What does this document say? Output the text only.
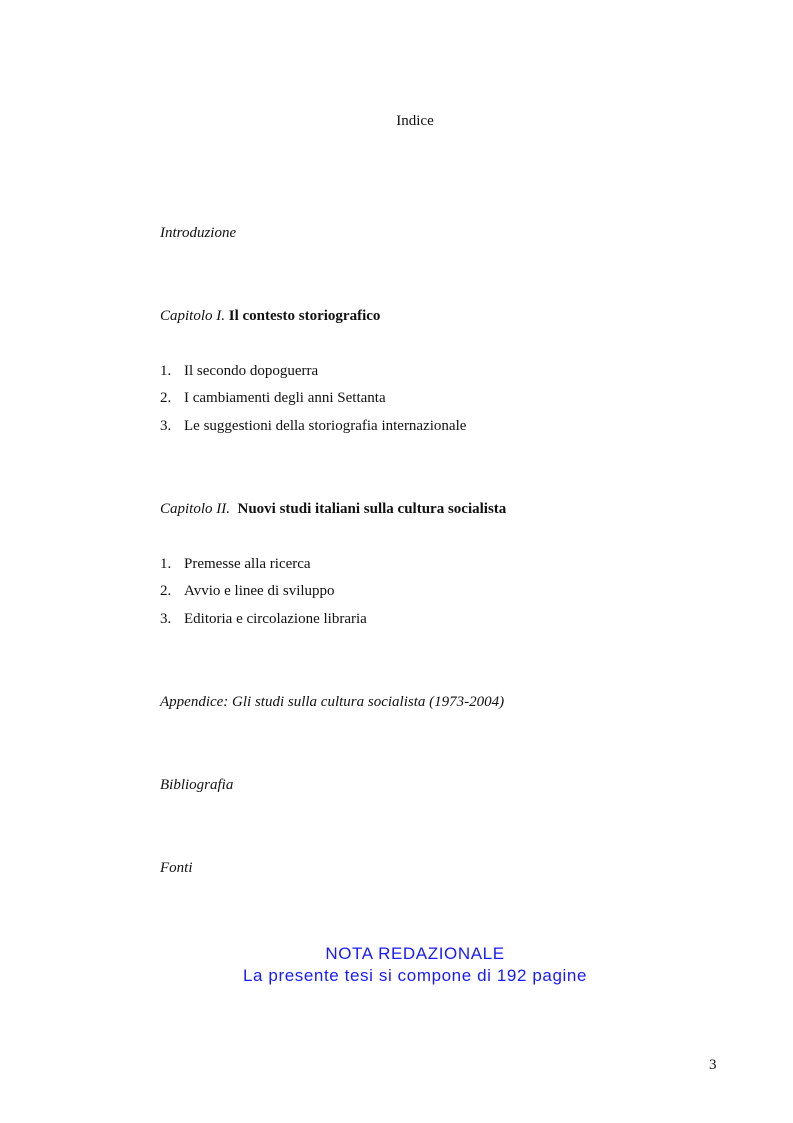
Indice
Introduzione
Capitolo I. Il contesto storiografico
1. Il secondo dopoguerra
2. I cambiamenti degli anni Settanta
3. Le suggestioni della storiografia internazionale
Capitolo II. Nuovi studi italiani sulla cultura socialista
1. Premesse alla ricerca
2. Avvio e linee di sviluppo
3. Editoria e circolazione libraria
Appendice: Gli studi sulla cultura socialista (1973-2004)
Bibliografia
Fonti
NOTA REDAZIONALE
La presente tesi si compone di 192 pagine
3
